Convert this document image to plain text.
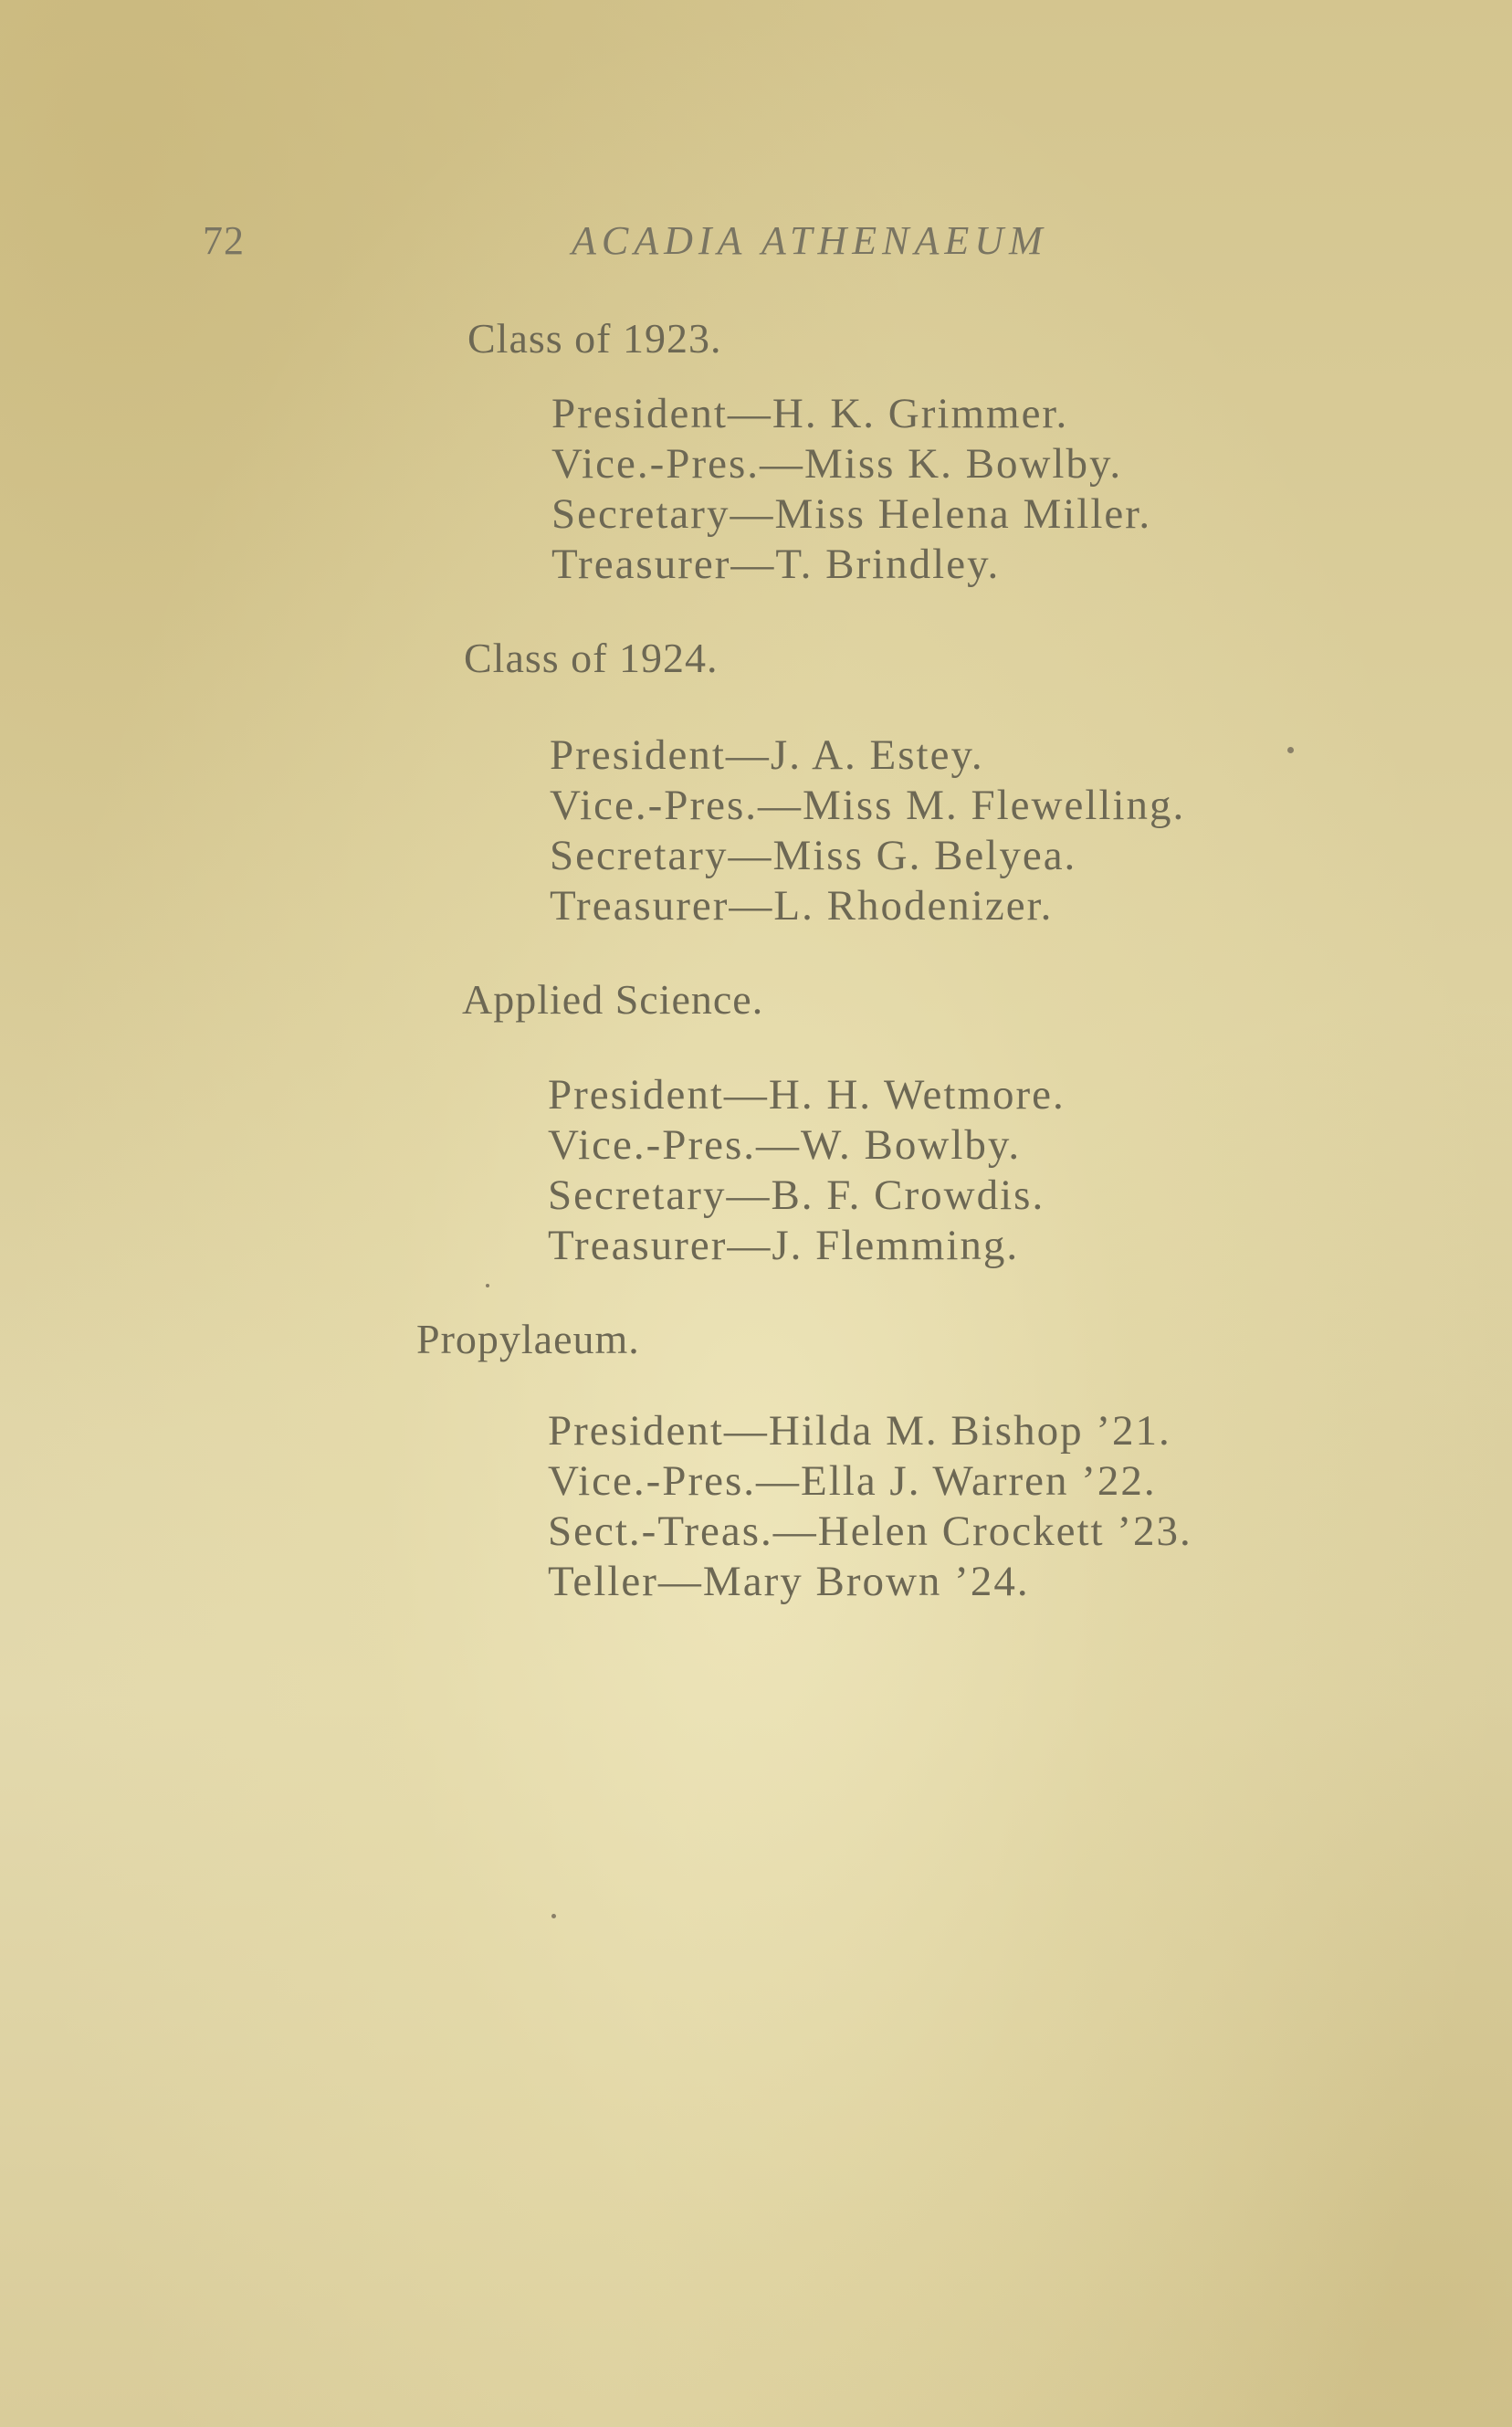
72	ACADIA ATHENAEUM
Class of 1923.
President—H. K. Grimmer.
Vice.-Pres.—Miss K. Bowlby.
Secretary—Miss Helena Miller.
Treasurer—T. Brindley.
Class of 1924.
President—J. A. Estey.
Vice.-Pres.—Miss M. Flewelling.
Secretary—Miss G. Belyea.
Treasurer—L. Rhodenizer.
Applied Science.
President—H. H. Wetmore.
Vice.-Pres.—W. Bowlby.
Secretary—B. F. Crowdis.
Treasurer—J. Flemming.
Propylaeum.
President—Hilda M. Bishop ’21.
Vice.-Pres.—Ella J. Warren ’22.
Sect.-Treas.—Helen Crockett ’23.
Teller—Mary Brown ’24.
